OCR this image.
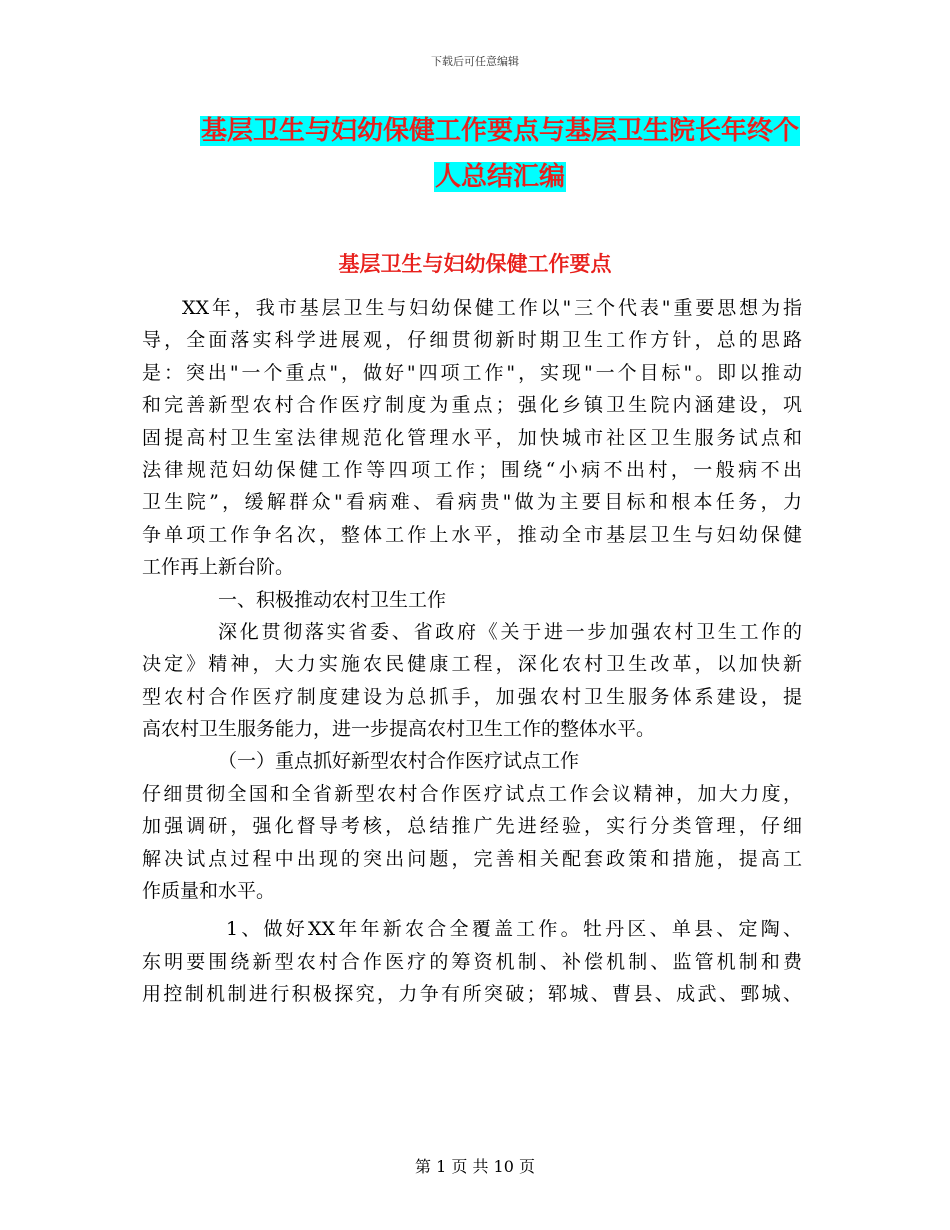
下载后可任意编辑
基层卫生与妇幼保健工作要点与基层卫生院长年终个
人总结汇编
基层卫生与妇幼保健工作要点
XX年，我市基层卫生与妇幼保健工作以"三个代表"重要思想为指
导，全面落实科学进展观，仔细贯彻新时期卫生工作方针，总的思路
是：突出"一个重点"，做好"四项工作"，实现"一个目标"。即以推动
和完善新型农村合作医疗制度为重点；强化乡镇卫生院内涵建设，巩
固提高村卫生室法律规范化管理水平，加快城市社区卫生服务试点和
法律规范妇幼保健工作等四项工作；围绕“小病不出村，一般病不出
卫生院”，缓解群众"看病难、看病贵"做为主要目标和根本任务，力
争单项工作争名次，整体工作上水平，推动全市基层卫生与妇幼保健
工作再上新台阶。
一、积极推动农村卫生工作
深化贯彻落实省委、省政府《关于进一步加强农村卫生工作的
决定》精神，大力实施农民健康工程，深化农村卫生改革，以加快新
型农村合作医疗制度建设为总抓手，加强农村卫生服务体系建设，提
高农村卫生服务能力，进一步提高农村卫生工作的整体水平。
（一）重点抓好新型农村合作医疗试点工作
仔细贯彻全国和全省新型农村合作医疗试点工作会议精神，加大力度，
加强调研，强化督导考核，总结推广先进经验，实行分类管理，仔细
解决试点过程中出现的突出问题，完善相关配套政策和措施，提高工
作质量和水平。
1、做好XX年年新农合全覆盖工作。牡丹区、单县、定陶、
东明要围绕新型农村合作医疗的筹资机制、补偿机制、监管机制和费
用控制机制进行积极探究，力争有所突破；郓城、曹县、成武、鄄城、
第 1 页 共 10 页
